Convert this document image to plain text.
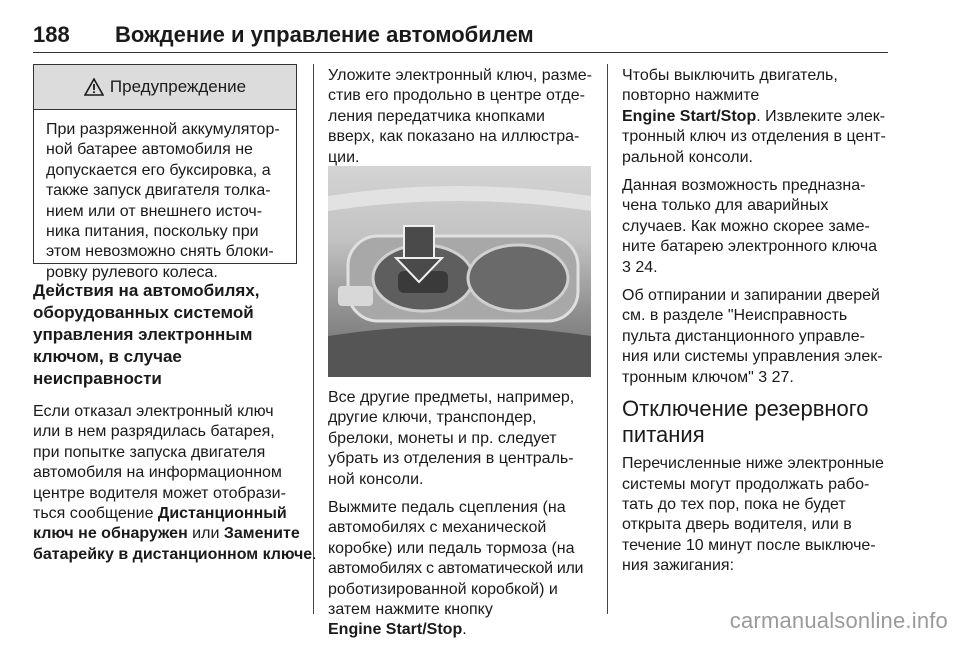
188 Вождение и управление автомобилем
Предупреждение
При разряженной аккумулятор-
ной батарее автомобиля не
допускается его буксировка, а
также запуск двигателя толка-
нием или от внешнего источ-
ника питания, поскольку при
этом невозможно снять блоки-
ровку рулевого колеса.
Действия на автомобилях,
оборудованных системой
управления электронным
ключом, в случае
неисправности
Если отказал электронный ключ
или в нем разрядилась батарея,
при попытке запуска двигателя
автомобиля на информационном
центре водителя может отобрази-
ться сообщение Дистанционный
ключ не обнаружен или Замените
батарейку в дистанционном ключе.
Уложите электронный ключ, разме-
стив его продольно в центре отде-
ления передатчика кнопками
вверх, как показано на иллюстра-
ции.

Все другие предметы, например,
другие ключи, транспондер,
брелоки, монеты и пр. следует
убрать из отделения в централь-
ной консоли.

Выжмите педаль сцепления (на
автомобилях с механической
коробке) или педаль тормоза (на
автомобилях с автоматической или
роботизированной коробкой) и
затем нажмите кнопку
Engine Start/Stop.

Чтобы выключить двигатель,
повторно нажмите
Engine Start/Stop. Извлеките элек-
тронный ключ из отделения в цент-
ральной консоли.

Данная возможность предназна-
чена только для аварийных
случаев. Как можно скорее заме-
ните батарею электронного ключа
3 24.

Об отпирании и запирании дверей
см. в разделе "Неисправность
пульта дистанционного управле-
ния или системы управления элек-
тронным ключом" 3 27.

Отключение резервного
питания

Перечисленные ниже электронные
системы могут продолжать рабо-
тать до тех пор, пока не будет
открыта дверь водителя, или в
течение 10 минут после выключе-
ния зажигания:

carmanualsonline.info
